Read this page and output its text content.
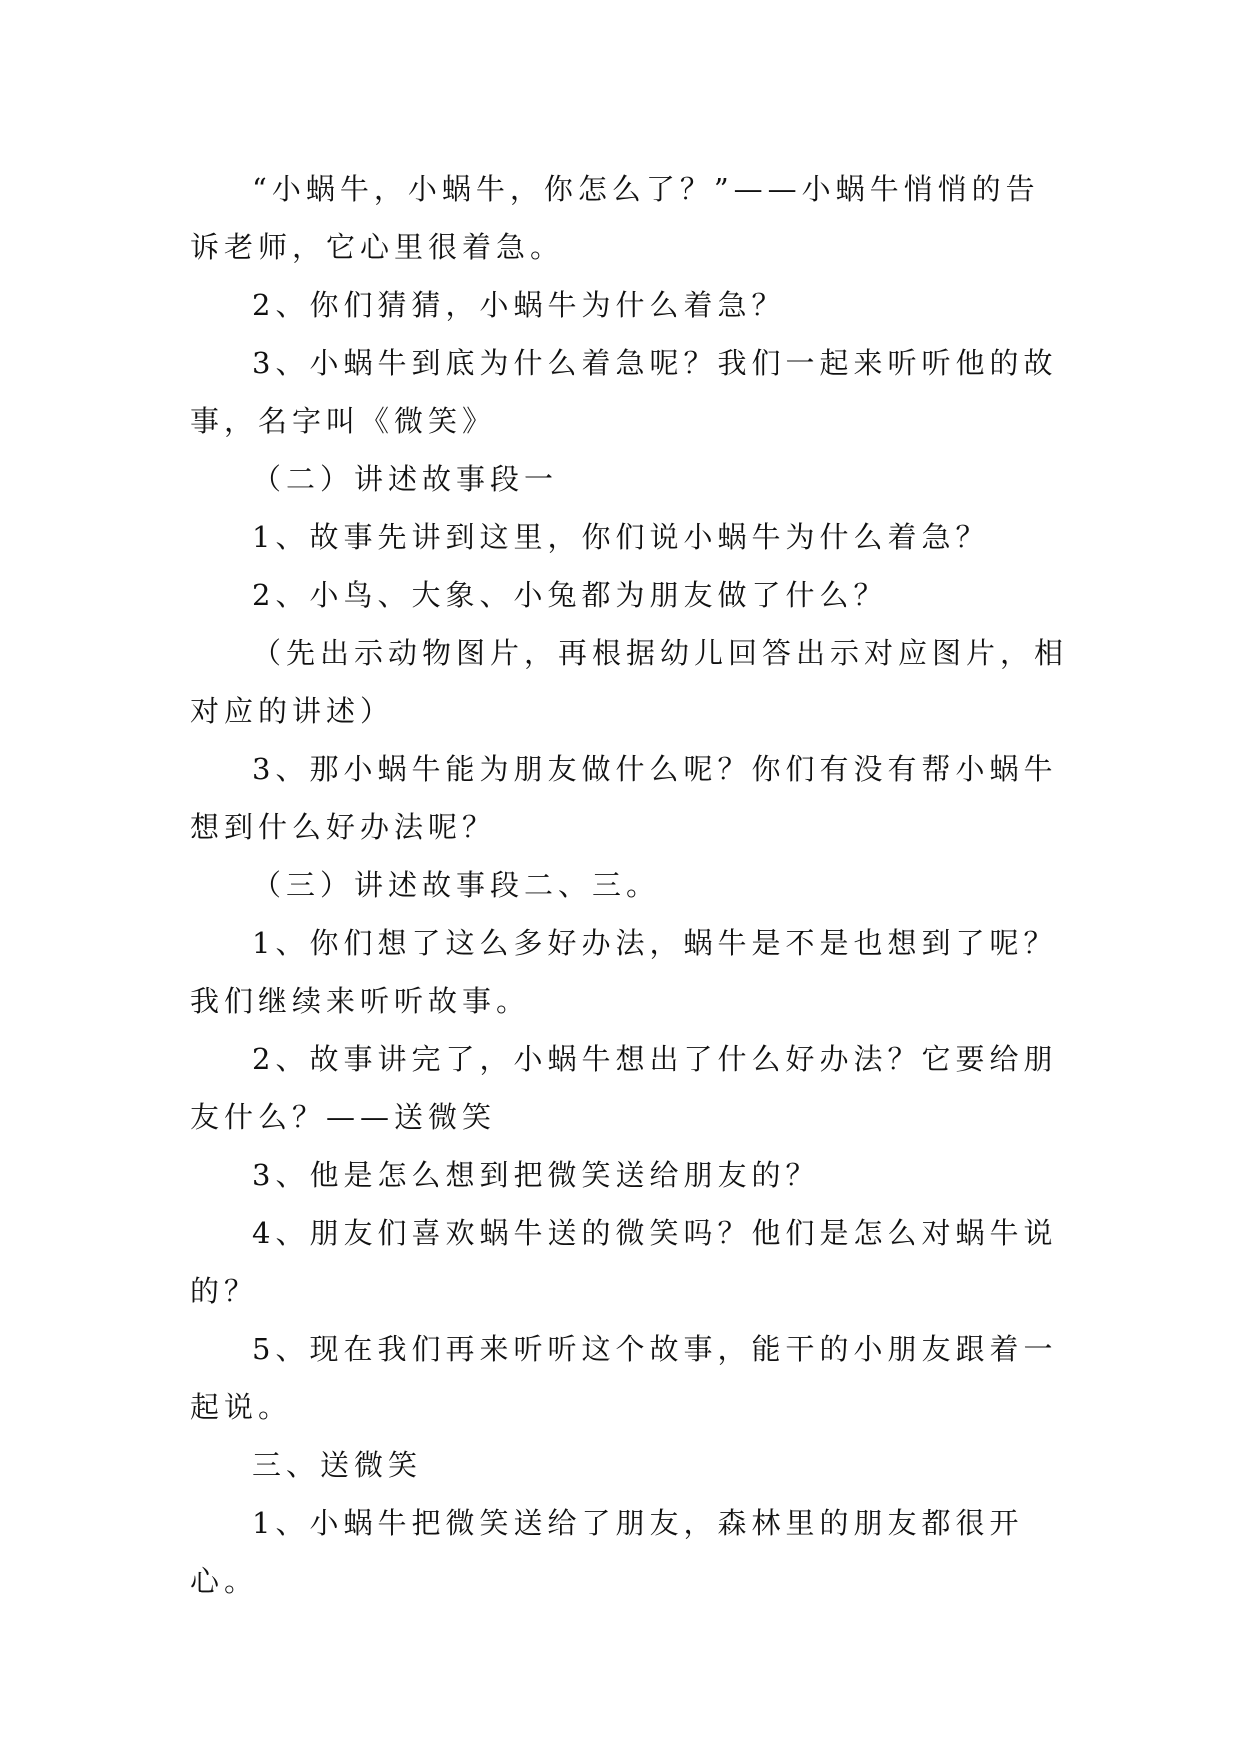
“小蜗牛，小蜗牛，你怎么了？”——小蜗牛悄悄的告诉老师，它心里很着急。

2、你们猜猜，小蜗牛为什么着急？

3、小蜗牛到底为什么着急呢？我们一起来听听他的故事，名字叫《微笑》

（二）讲述故事段一

1、故事先讲到这里，你们说小蜗牛为什么着急？

2、小鸟、大象、小兔都为朋友做了什么？

（先出示动物图片，再根据幼儿回答出示对应图片，相对应的讲述）

3、那小蜗牛能为朋友做什么呢？你们有没有帮小蜗牛想到什么好办法呢？

（三）讲述故事段二、三。

1、你们想了这么多好办法，蜗牛是不是也想到了呢？我们继续来听听故事。

2、故事讲完了，小蜗牛想出了什么好办法？它要给朋友什么？——送微笑

3、他是怎么想到把微笑送给朋友的？

4、朋友们喜欢蜗牛送的微笑吗？他们是怎么对蜗牛说的？

5、现在我们再来听听这个故事，能干的小朋友跟着一起说。

三、送微笑

1、小蜗牛把微笑送给了朋友，森林里的朋友都很开心。
